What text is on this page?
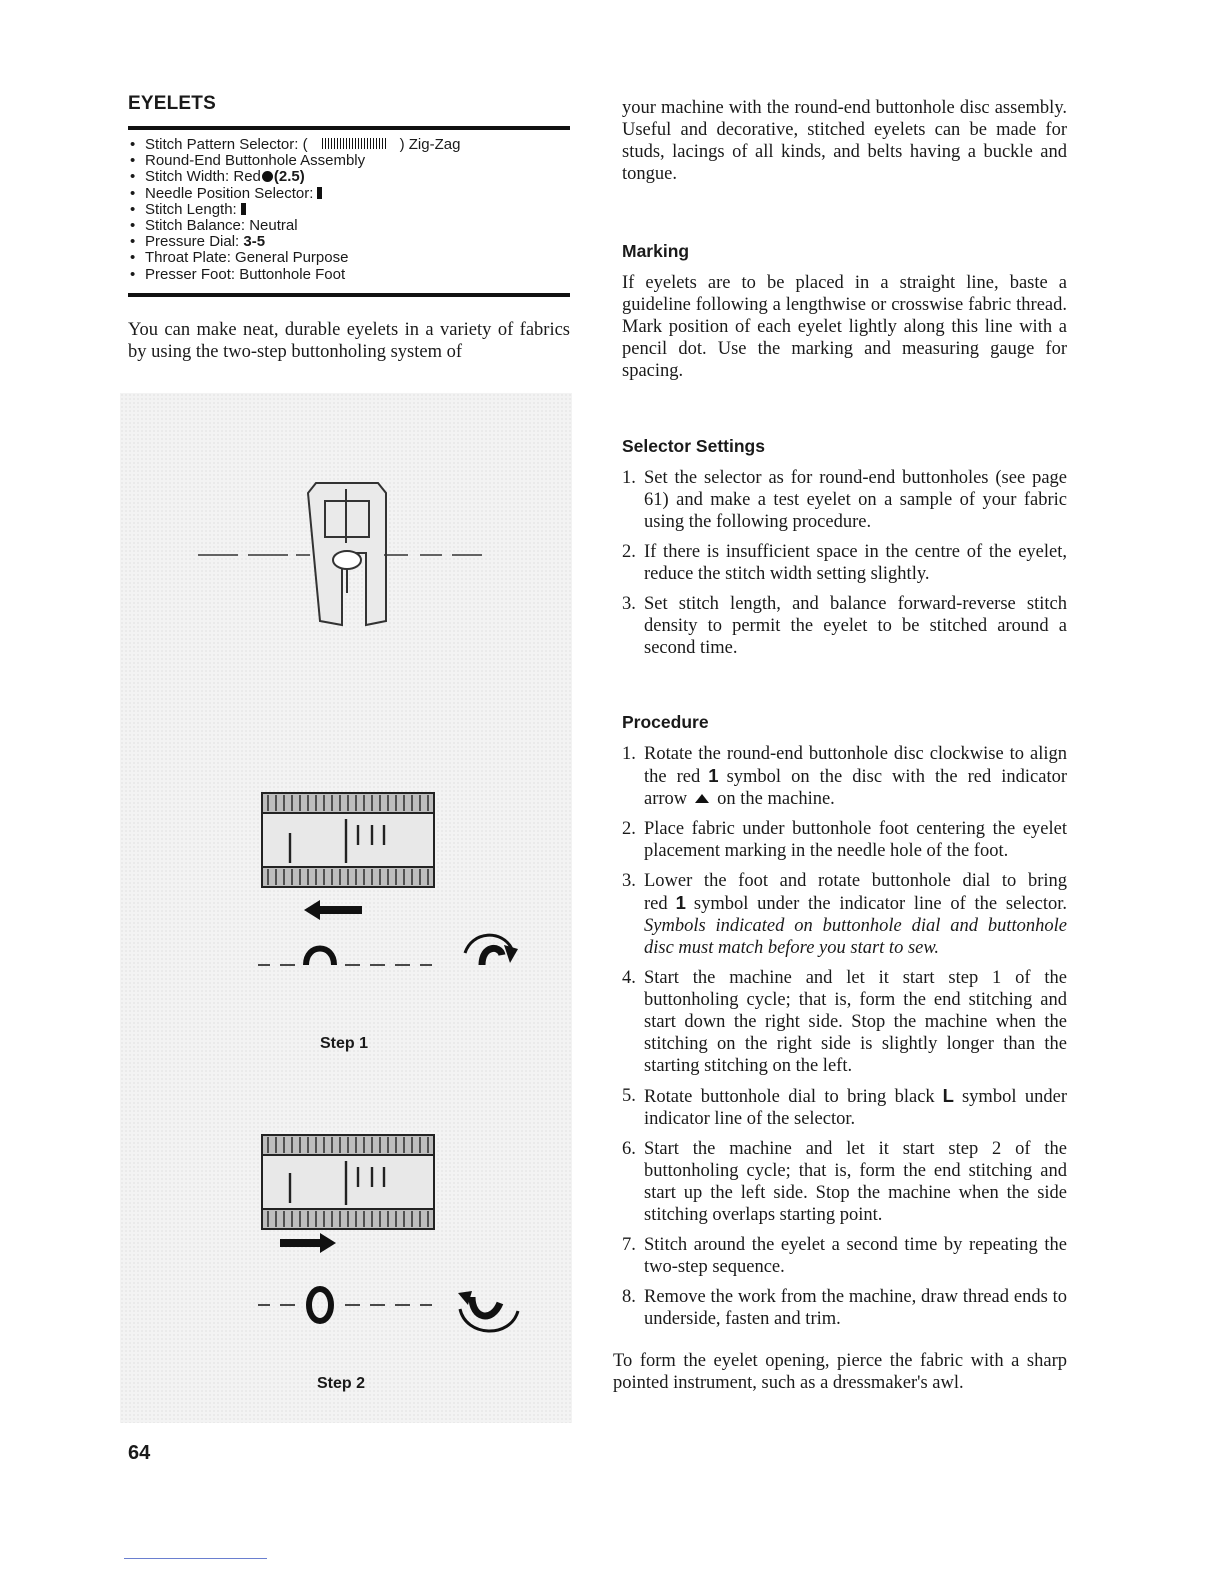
EYELETS
• Stitch Pattern Selector: (	) Zig-Zag
• Round-End Buttonhole Assembly
• Stitch Width: Red (2.5)
• Needle Position Selector:
• Stitch Length:
• Stitch Balance: Neutral
• Pressure Dial: 3-5
• Throat Plate: General Purpose
• Presser Foot: Buttonhole Foot

You can make neat, durable eyelets in a variety of fabrics by using the two-step buttonholing system of

your machine with the round-end buttonhole disc assembly. Useful and decorative, stitched eyelets can be made for studs, lacings of all kinds, and belts having a buckle and tongue.

Marking

If eyelets are to be placed in a straight line, baste a guideline following a lengthwise or crosswise fabric thread. Mark position of each eyelet lightly along this line with a pencil dot. Use the marking and measuring gauge for spacing.

Selector Settings
1. Set the selector as for round-end buttonholes (see page 61) and make a test eyelet on a sample of your fabric using the following procedure.
2. If there is insufficient space in the centre of the eyelet, reduce the stitch width setting slightly.
3. Set stitch length, and balance forward-reverse stitch density to permit the eyelet to be stitched around a second time.
Procedure
1. Rotate the round-end buttonhole disc clockwise to align the red 1 symbol on the disc with the red indicator arrow on the machine.
2. Place fabric under buttonhole foot centering the eyelet placement marking in the needle hole of the foot.
3. Lower the foot and rotate buttonhole dial to bring red 1 symbol under the indicator line of the selector. Symbols indicated on buttonhole dial and buttonhole disc must match before you start to sew.
4. Start the machine and let it start step 1 of the buttonholing cycle; that is, form the end stitching and start down the right side. Stop the machine when the stitching on the right side is slightly longer than the starting stitching on the left.
5. Rotate buttonhole dial to bring black L symbol under indicator line of the selector.
6. Start the machine and let it start step 2 of the buttonholing cycle; that is, form the end stitching and start up the left side. Stop the machine when the side stitching overlaps starting point.
7. Stitch around the eyelet a second time by repeating the two-step sequence.
8. Remove the work from the machine, draw thread ends to underside, fasten and trim.

To form the eyelet opening, pierce the fabric with a sharp pointed instrument, such as a dressmaker's awl.

Step 1
Step 2
64
